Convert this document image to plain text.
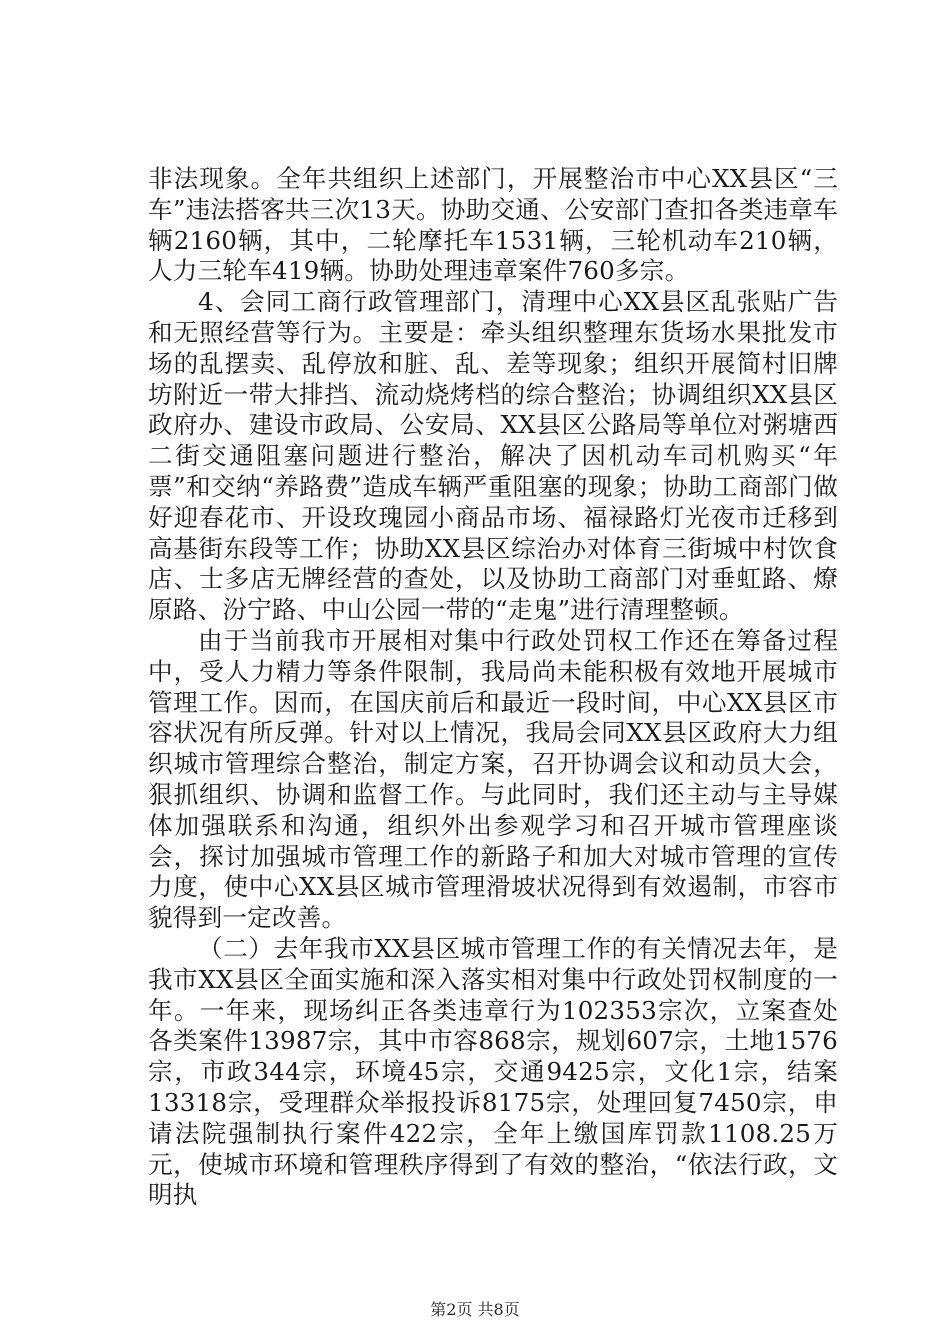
非法现象。全年共组织上述部门，开展整治市中心XX县区“三车”违法搭客共三次13天。协助交通、公安部门查扣各类违章车辆2160辆，其中，二轮摩托车1531辆，三轮机动车210辆，人力三轮车419辆。协助处理违章案件760多宗。

4、会同工商行政管理部门，清理中心XX县区乱张贴广告和无照经营等行为。主要是：牵头组织整理东货场水果批发市场的乱摆卖、乱停放和脏、乱、差等现象；组织开展简村旧牌坊附近一带大排挡、流动烧烤档的综合整治；协调组织XX县区政府办、建设市政局、公安局、XX县区公路局等单位对粥塘西二街交通阻塞问题进行整治，解决了因机动车司机购买“年票”和交纳“养路费”造成车辆严重阻塞的现象；协助工商部门做好迎春花市、开设玫瑰园小商品市场、福禄路灯光夜市迁移到高基街东段等工作；协助XX县区综治办对体育三街城中村饮食店、士多店无牌经营的查处，以及协助工商部门对垂虹路、燎原路、汾宁路、中山公园一带的“走鬼”进行清理整顿。

由于当前我市开展相对集中行政处罚权工作还在筹备过程中，受人力精力等条件限制，我局尚未能积极有效地开展城市管理工作。因而，在国庆前后和最近一段时间，中心XX县区市容状况有所反弹。针对以上情况，我局会同XX县区政府大力组织城市管理综合整治，制定方案，召开协调会议和动员大会，狠抓组织、协调和监督工作。与此同时，我们还主动与主导媒体加强联系和沟通，组织外出参观学习和召开城市管理座谈会，探讨加强城市管理工作的新路子和加大对城市管理的宣传力度，使中心XX县区城市管理滑坡状况得到有效遏制，市容市貌得到一定改善。

（二）去年我市XX县区城市管理工作的有关情况去年，是我市XX县区全面实施和深入落实相对集中行政处罚权制度的一年。一年来，现场纠正各类违章行为102353宗次，立案查处各类案件13987宗，其中市容868宗，规划607宗，土地1576宗，市政344宗，环境45宗，交通9425宗，文化1宗，结案13318宗，受理群众举报投诉8175宗，处理回复7450宗，申请法院强制执行案件422宗，全年上缴国库罚款1108.25万元，使城市环境和管理秩序得到了有效的整治，“依法行政，文明执

第2页 共8页
